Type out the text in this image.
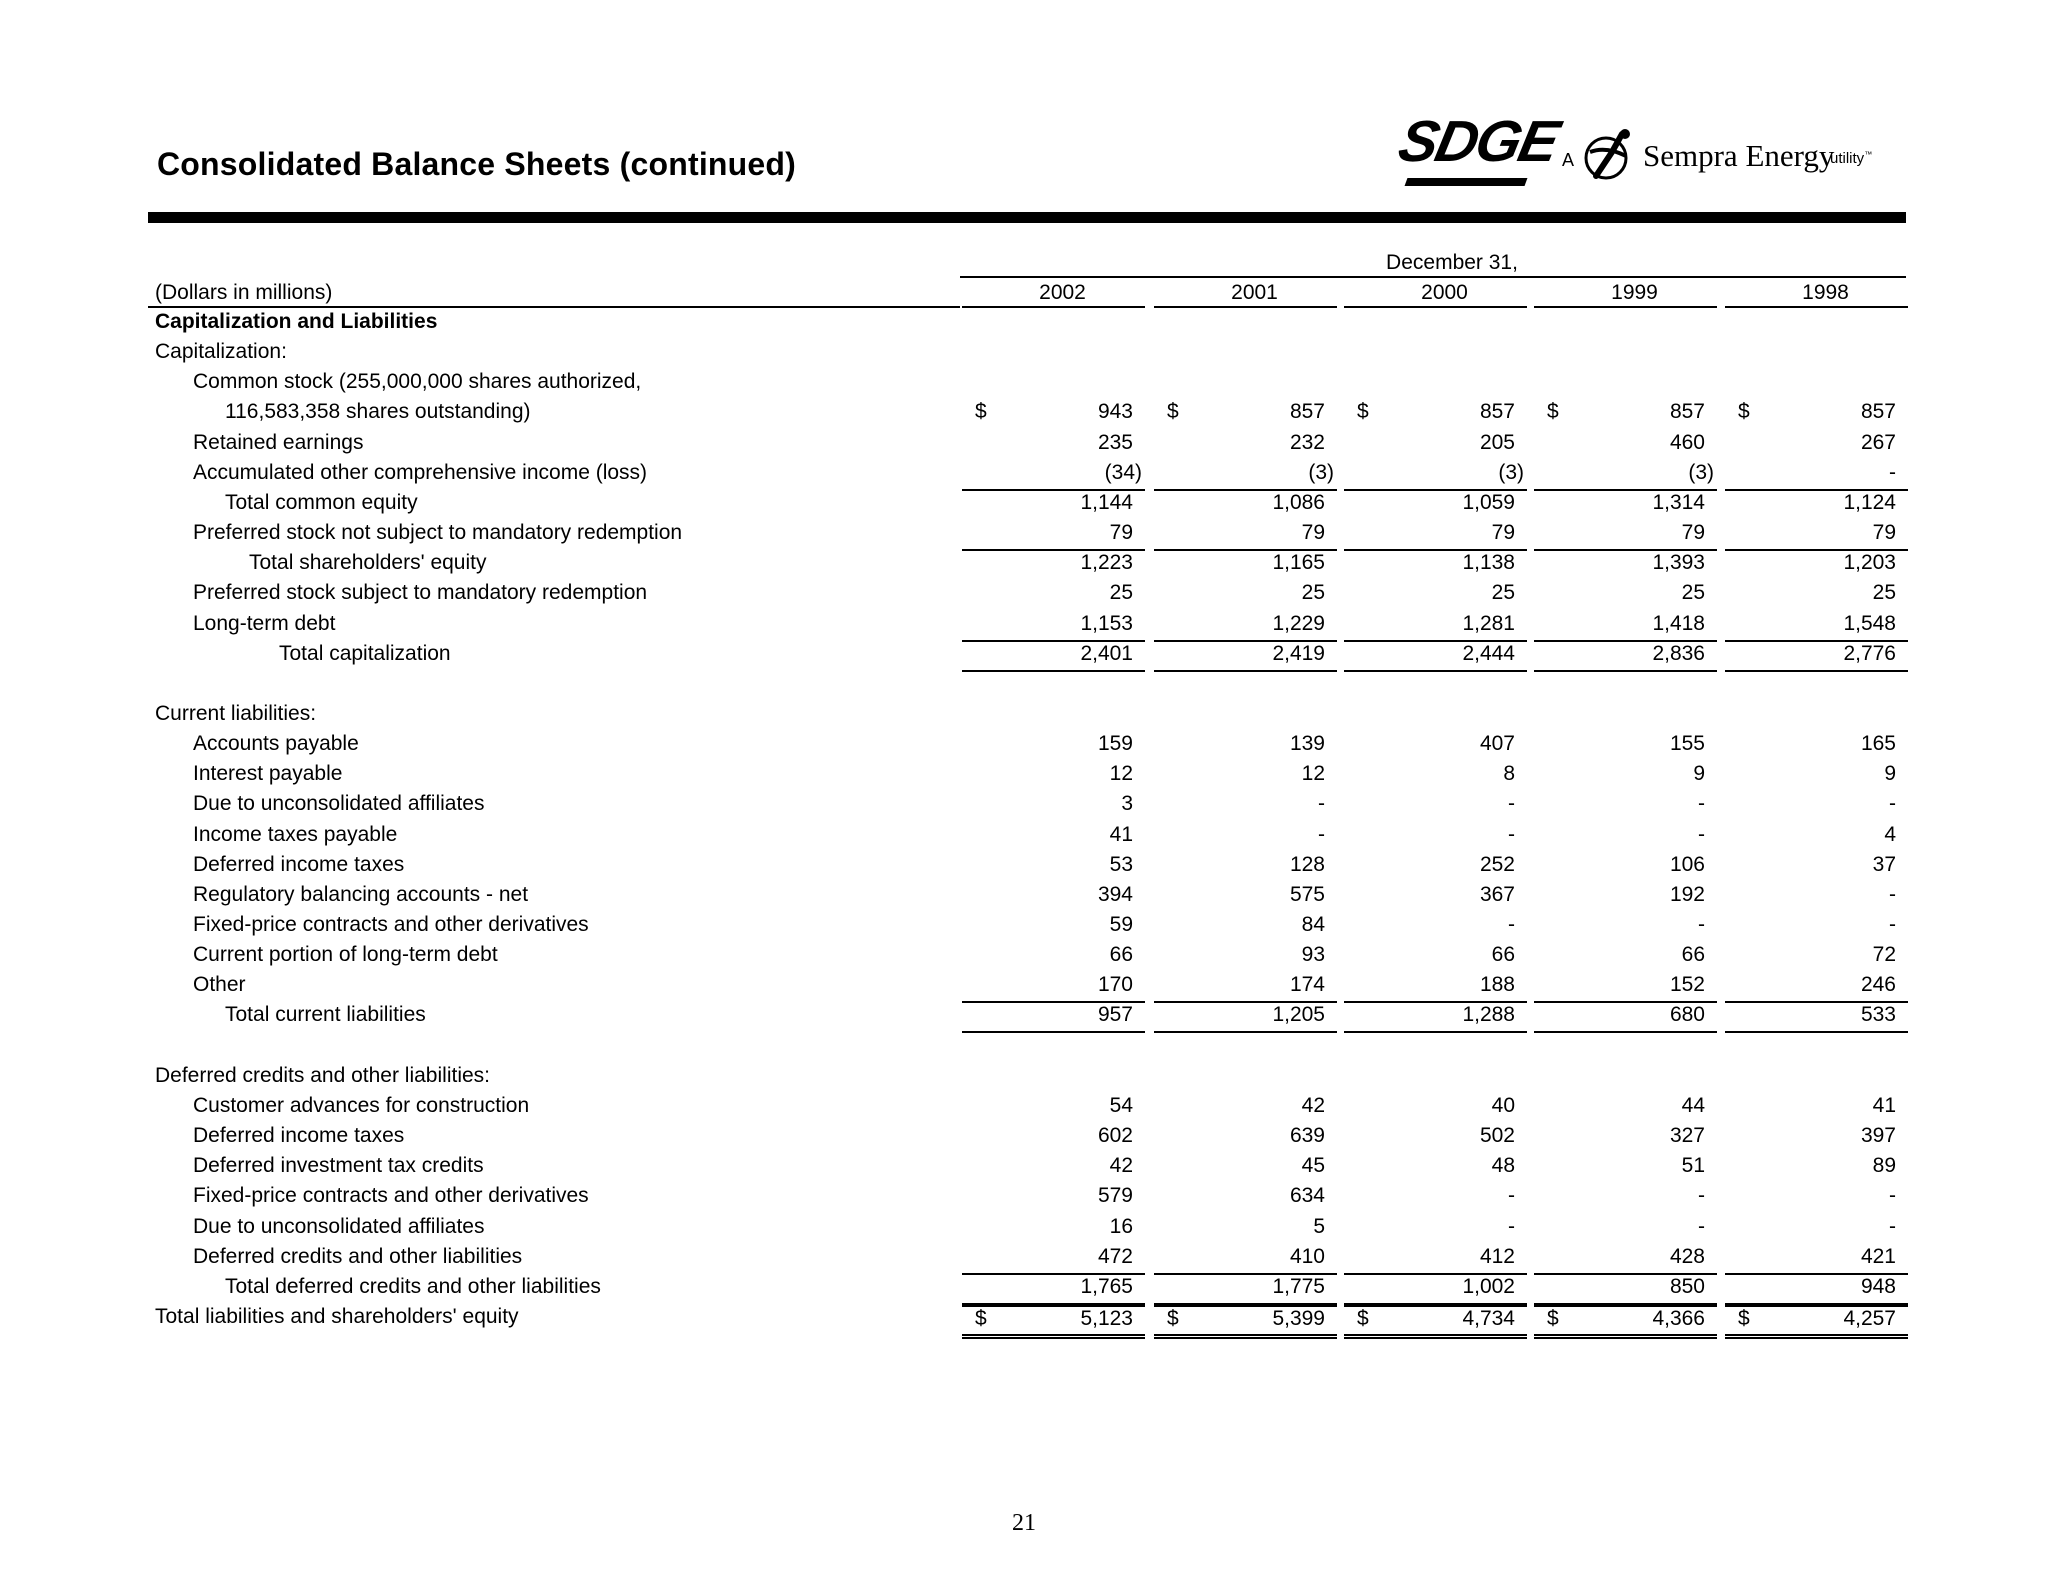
Consolidated Balance Sheets (continued)	SDGE
A Sempra Energy
utility™
December 31,
(Dollars in millions)	2002	2001	2000	1999	1998
Capitalization and Liabilities
Capitalization:
Common stock (255,000,000 shares authorized,
116,583,358 shares outstanding)	$	943 $	857 $	857 $	857 $	857
Retained earnings	235	232	205	460	267
Accumulated other comprehensive income (loss)	(34)	(3)	(3)	(3)	-
Total common equity	1,144	1,086	1,059	1,314	1,124
Preferred stock not subject to mandatory redemption	79	79	79	79	79
Total shareholders' equity	1,223	1,165	1,138	1,393	1,203
Preferred stock subject to mandatory redemption	25	25	25	25	25
Long-term debt	1,153	1,229	1,281	1,418	1,548
Total capitalization	2,401	2,419	2,444	2,836	2,776
Current liabilities:
Accounts payable	159	139	407	155	165
Interest payable	12	12	8	9	9
Due to unconsolidated affiliates	3	-	-	-	-
Income taxes payable	41	-	-	-	4
Deferred income taxes	53	128	252	106	37
Regulatory balancing accounts - net	394	575	367	192	-
Fixed-price contracts and other derivatives	59	84	-	-	-
Current portion of long-term debt	66	93	66	66	72
Other	170	174	188	152	246
Total current liabilities	957	1,205	1,288	680	533
Deferred credits and other liabilities:
Customer advances for construction	54	42	40	44	41
Deferred income taxes	602	639	502	327	397
Deferred investment tax credits	42	45	48	51	89
Fixed-price contracts and other derivatives	579	634	-	-	-
Due to unconsolidated affiliates	16	5	-	-	-
Deferred credits and other liabilities	472	410	412	428	421
Total deferred credits and other liabilities	1,765	1,775	1,002	850	948
Total liabilities and shareholders' equity	$	5,123 $	5,399 $	4,734 $	4,366 $	4,257
21
